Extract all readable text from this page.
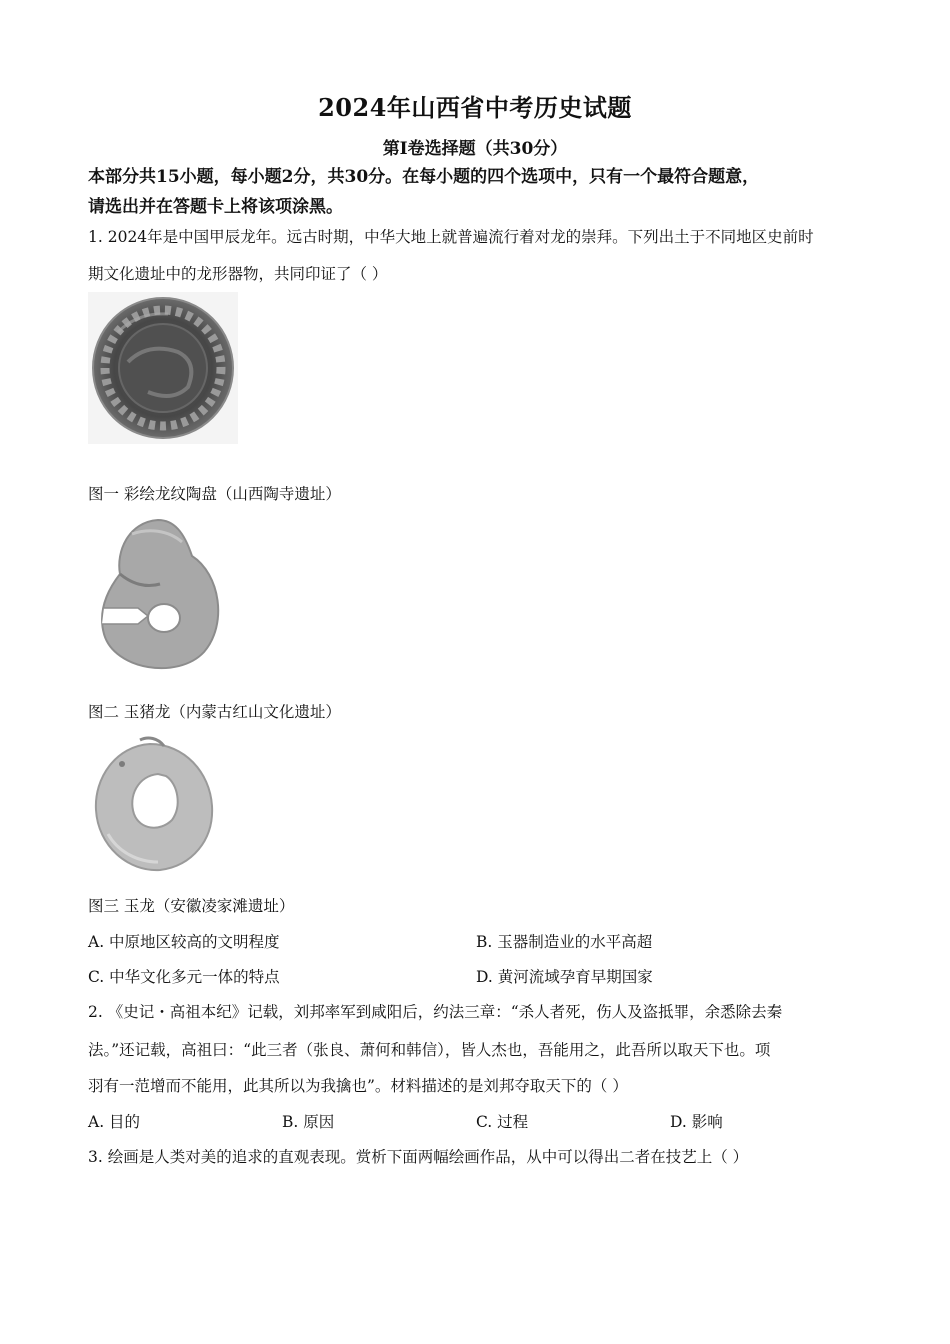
2024年山西省中考历史试题
第I卷选择题（共30分）
本部分共15小题，每小题2分，共30分。在每小题的四个选项中，只有一个最符合题意，
请选出并在答题卡上将该项涂黑。
1. 2024年是中国甲辰龙年。远古时期，中华大地上就普遍流行着对龙的崇拜。下列出土于不同地区史前时
期文化遗址中的龙形器物，共同印证了（ ）
图一 彩绘龙纹陶盘（山西陶寺遗址）
图二 玉猪龙（内蒙古红山文化遗址）
图三 玉龙（安徽凌家滩遗址）
A. 中原地区较高的文明程度	B. 玉器制造业的水平高超
C. 中华文化多元一体的特点	D. 黄河流域孕育早期国家
2. 《史记・高祖本纪》记载，刘邦率军到咸阳后，约法三章：“杀人者死，伤人及盗抵罪，余悉除去秦
法。”还记载，高祖曰：“此三者（张良、萧何和韩信），皆人杰也，吾能用之，此吾所以取天下也。项
羽有一范增而不能用，此其所以为我擒也”。材料描述的是刘邦夺取天下的（ ）
A. 目的	B. 原因	C. 过程	D. 影响
3. 绘画是人类对美的追求的直观表现。赏析下面两幅绘画作品，从中可以得出二者在技艺上（ ）
